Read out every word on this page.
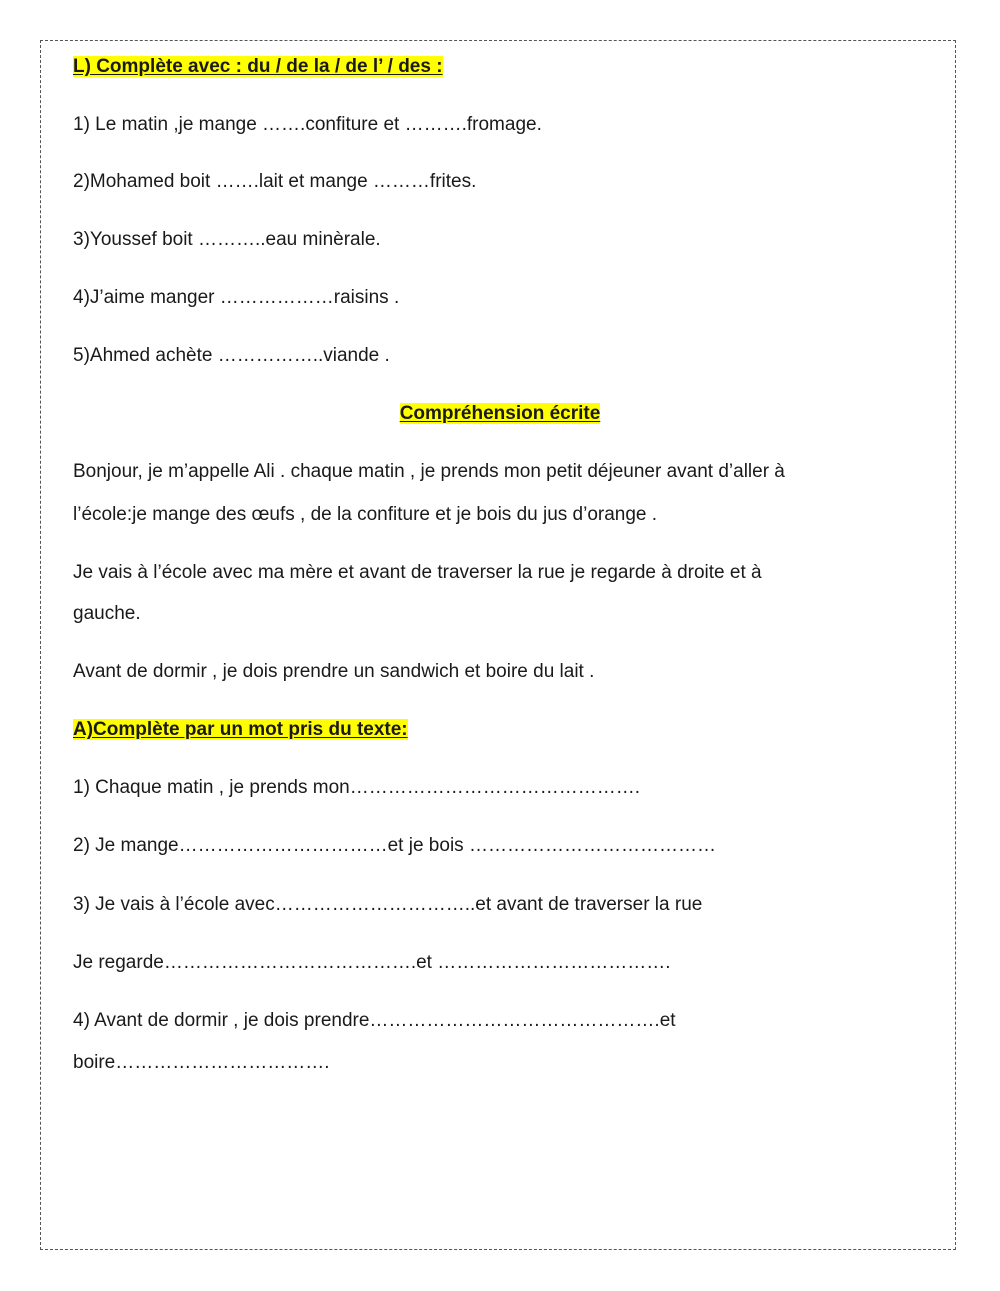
L) Complète avec : du / de la / de l’ / des :

1) Le matin ,je mange …….confiture et ……….fromage.

2)Mohamed boit …….lait et mange ………frites.

3)Youssef boit ………..eau minèrale.

4)J’aime manger ………………raisins .

5)Ahmed achète ……………..viande .

Compréhension écrite

Bonjour, je m’appelle Ali . chaque matin , je prends mon petit déjeuner avant d’aller à

l’école:je mange des œufs , de la confiture et je bois du jus d’orange .

Je vais à l’école avec ma mère et avant de traverser la rue je regarde à droite et à

gauche.

Avant de dormir , je dois prendre un sandwich et boire du lait .

A)Complète par un mot pris du texte:

1) Chaque matin , je prends mon……………………………………….

2) Je mange……………………………et je bois …………………………………

3) Je vais à l’école avec…………………………..et avant de traverser la rue

Je regarde………………………………….et ……………………………….

4) Avant de dormir , je dois prendre……………………………………….et

boire…………………………….
